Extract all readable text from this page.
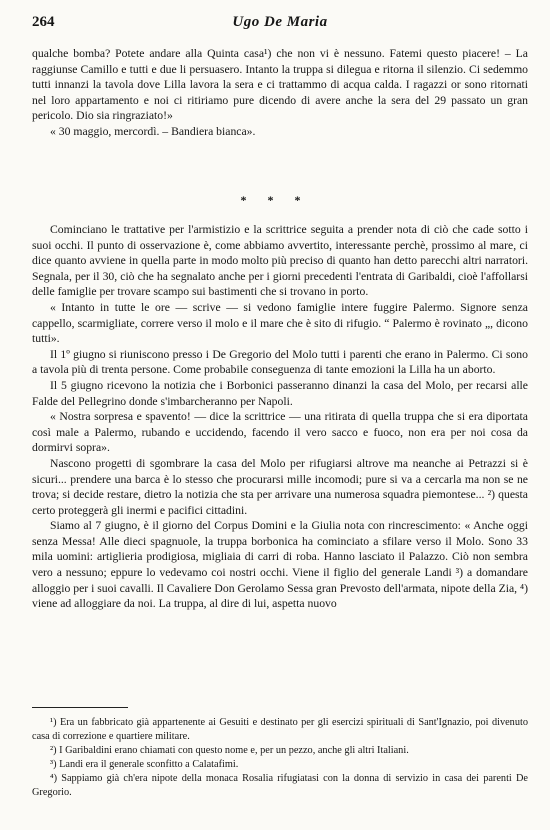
264	Ugo De Maria

qualche bomba? Potete andare alla Quinta casa¹) che non vi è nessuno. Fatemi questo piacere! – La raggiunse Camillo e tutti e due li persuasero. Intanto la truppa si dilegua e ritorna il silenzio. Ci sedemmo tutti innanzi la tavola dove Lilla lavora la sera e ci trattammo di acqua calda. I ragazzi or sono ritornati nel loro appartamento e noi ci ritiriamo pure dicendo di avere anche la sera del 29 passato un gran pericolo. Dio sia ringraziato!»

« 30 maggio, mercordì. – Bandiera bianca».

* * *

Cominciano le trattative per l'armistizio e la scrittrice seguita a prender nota di ciò che cade sotto i suoi occhi. Il punto di osservazione è, come abbiamo avvertito, interessante perchè, prossimo al mare, ci dice quanto avviene in quella parte in modo molto più preciso di quanto han detto parecchi altri narratori. Segnala, per il 30, ciò che ha segnalato anche per i giorni precedenti l'entrata di Garibaldi, cioè l'affollarsi delle famiglie per trovare scampo sui bastimenti che si trovano in porto.

« Intanto in tutte le ore — scrive — si vedono famiglie intere fuggire Palermo. Signore senza cappello, scarmigliate, correre verso il molo e il mare che è sito di rifugio. “ Palermo è rovinato „, dicono tutti».

Il 1º giugno si riuniscono presso i De Gregorio del Molo tutti i parenti che erano in Palermo. Ci sono a tavola più di trenta persone. Come probabile conseguenza di tante emozioni la Lilla ha un aborto.

Il 5 giugno ricevono la notizia che i Borbonici passeranno dinanzi la casa del Molo, per recarsi alle Falde del Pellegrino donde s'imbarcheranno per Napoli.

« Nostra sorpresa e spavento! — dice la scrittrice — una ritirata di quella truppa che si era diportata così male a Palermo, rubando e uccidendo, facendo il vero sacco e fuoco, non era per noi cosa da dormirvi sopra».

Nascono progetti di sgombrare la casa del Molo per rifugiarsi altrove ma neanche ai Petrazzi si è sicuri... prendere una barca è lo stesso che procurarsi mille incomodi; pure si va a cercarla ma non se ne trova; si decide restare, dietro la notizia che sta per arrivare una numerosa squadra piemontese... ²) questa certo proteggerà gli inermi e pacifici cittadini.

Siamo al 7 giugno, è il giorno del Corpus Domini e la Giulia nota con rincrescimento: « Anche oggi senza Messa! Alle dieci spagnuole, la truppa borbonica ha cominciato a sfilare verso il Molo. Sono 33 mila uomini: artiglieria prodigiosa, migliaia di carri di roba. Hanno lasciato il Palazzo. Ciò non sembra vero a nessuno; eppure lo vedevamo coi nostri occhi. Viene il figlio del generale Landi ³) a domandare alloggio per i suoi cavalli. Il Cavaliere Don Gerolamo Sessa gran Prevosto dell'armata, nipote della Zia, ⁴) viene ad alloggiare da noi. La truppa, al dire di lui, aspetta nuovo

¹) Era un fabbricato già appartenente ai Gesuiti e destinato per gli esercizi spirituali di Sant'Ignazio, poi divenuto casa di correzione e quartiere militare.

²) I Garibaldini erano chiamati con questo nome e, per un pezzo, anche gli altri Italiani.

³) Landi era il generale sconfitto a Calatafimi.

⁴) Sappiamo già ch'era nipote della monaca Rosalia rifugiatasi con la donna di servizio in casa dei parenti De Gregorio.
